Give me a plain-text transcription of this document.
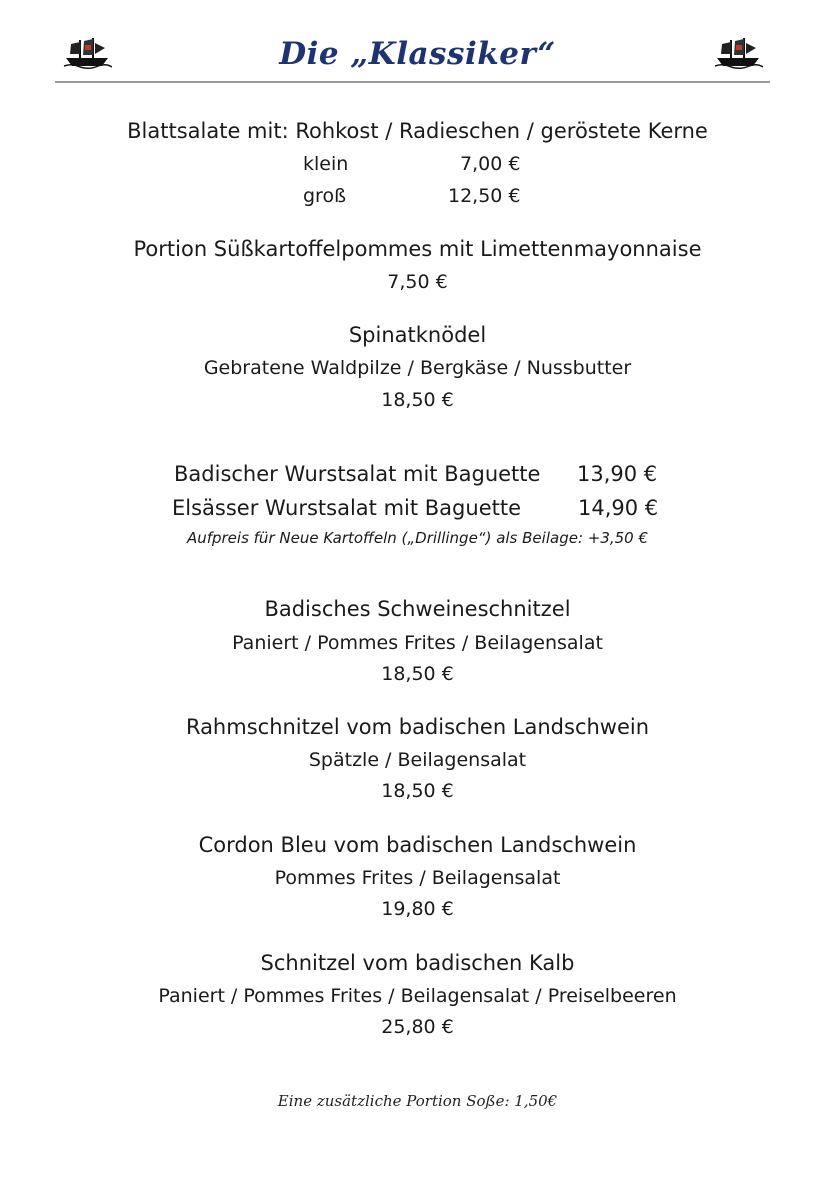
Die „Klassiker“
Blattsalate mit: Rohkost / Radieschen / geröstete Kerne
klein	7,00 €
groß	12,50 €
Portion Süßkartoffelpommes mit Limettenmayonnaise
7,50 €
Spinatknödel
Gebratene Waldpilze / Bergkäse / Nussbutter
18,50 €
Badischer Wurstsalat mit Baguette 13,90 €
Elsässer Wurstsalat mit Baguette	14,90 €
Aufpreis für Neue Kartoffeln („Drillinge“) als Beilage: +3,50 €
Badisches Schweineschnitzel
Paniert / Pommes Frites / Beilagensalat
18,50 €
Rahmschnitzel vom badischen Landschwein
Spätzle / Beilagensalat
18,50 €
Cordon Bleu vom badischen Landschwein
Pommes Frites / Beilagensalat
19,80 €
Schnitzel vom badischen Kalb
Paniert / Pommes Frites / Beilagensalat / Preiselbeeren
25,80 €
Eine zusätzliche Portion Soße: 1,50€
